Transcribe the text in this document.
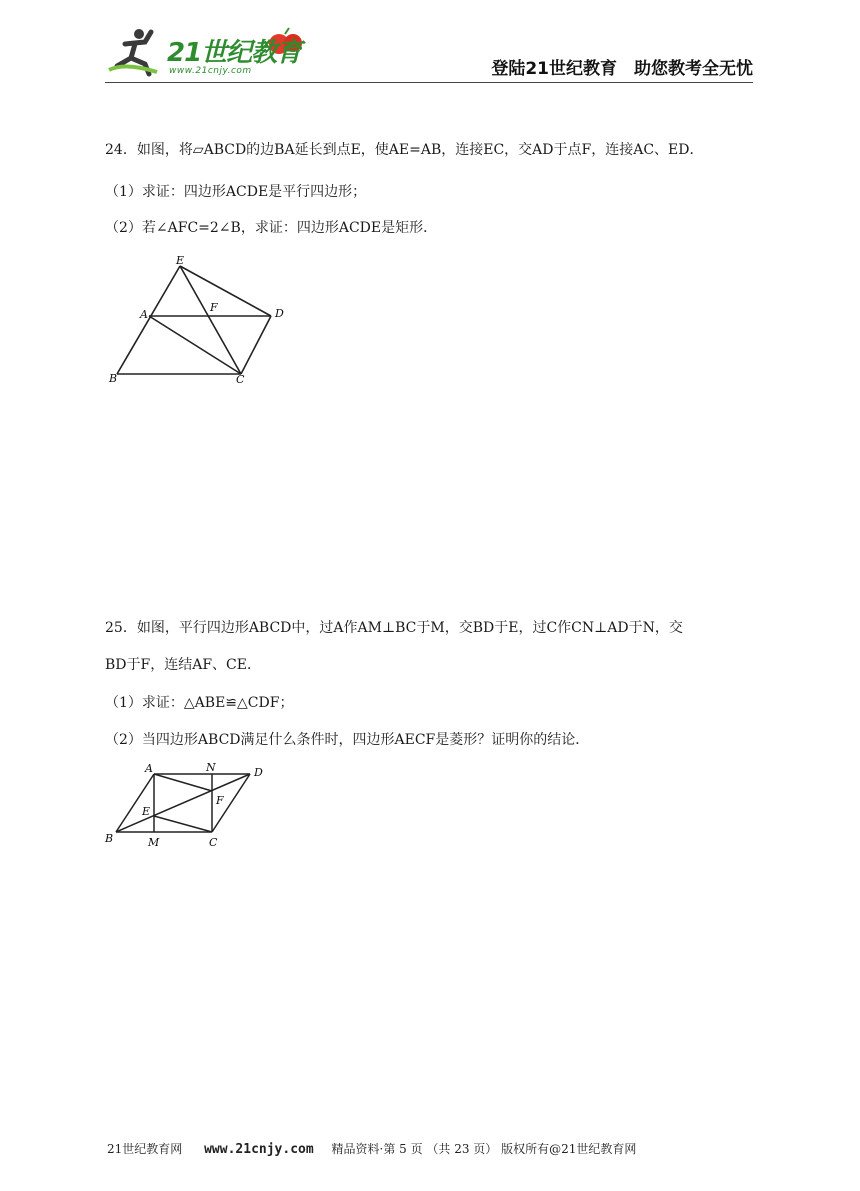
21世纪教育
www.21cnjy.com	登陆21世纪教育　助您教考全无忧
24．如图，将▱ABCD的边BA延长到点E，使AE=AB，连接EC，交AD于点F，连接AC、ED．
（1）求证：四边形ACDE是平行四边形；
（2）若∠AFC=2∠B，求证：四边形ACDE是矩形．
E
A
F	D
B	C
25．如图，平行四边形ABCD中，过A作AM⊥BC于M，交BD于E，过C作CN⊥AD于N，交
BD于F，连结AF、CE．
（1）求证：△ABE≌△CDF；
（2）当四边形ABCD满足什么条件时，四边形AECF是菱形？证明你的结论．
A	N	D
E
F
B	M	C
21世纪教育网 www.21cnjy.com 精品资料·第 5 页 （共 23 页） 版权所有@21世纪教育网
